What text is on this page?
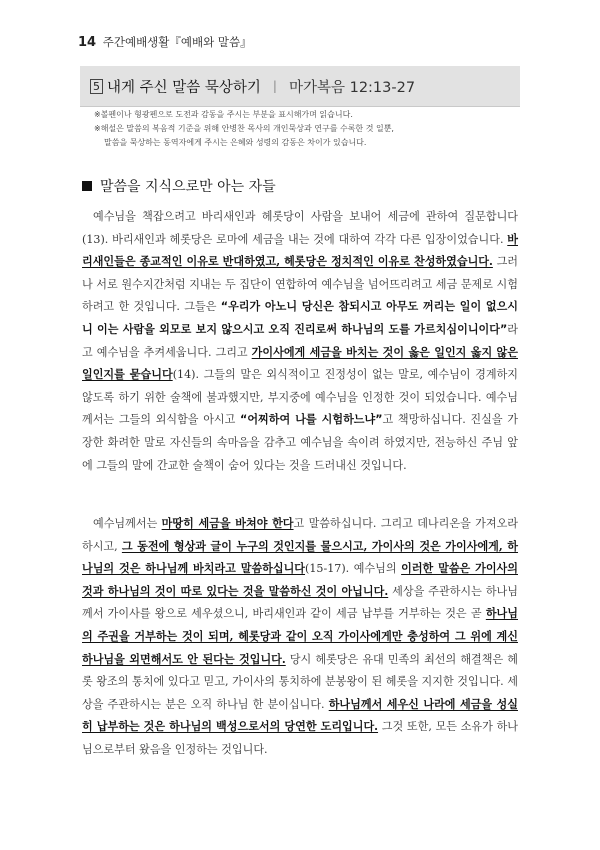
14 주간예배생활『예배와 말씀』
5 내게 주신 말씀 묵상하기 | 마가복음 12:13-27
※볼펜이나 형광펜으로 도전과 감동을 주시는 부분을 표시해가며 읽습니다.
※해설은 말씀의 복음적 기준을 위해 안병찬 목사의 개인묵상과 연구를 수록한 것 일뿐,
말씀을 묵상하는 동역자에게 주시는 은혜와 성령의 감동은 차이가 있습니다.
말씀을 지식으로만 아는 자들
예수님을 책잡으려고 바리새인과 헤롯당이 사람을 보내어 세금에 관하여 질문합니다(13). 바리새인과 헤롯당은 로마에 세금을 내는 것에 대하여 각각 다른 입장이었습니다. 바리새인들은 종교적인 이유로 반대하였고, 헤롯당은 정치적인 이유로 찬성하였습니다. 그러나 서로 원수지간처럼 지내는 두 집단이 연합하여 예수님을 넘어뜨리려고 세금 문제로 시험하려고 한 것입니다. 그들은 “우리가 아노니 당신은 참되시고 아무도 꺼리는 일이 없으시니 이는 사람을 외모로 보지 않으시고 오직 진리로써 하나님의 도를 가르치심이니이다”라고 예수님을 추켜세웁니다. 그리고 가이사에게 세금을 바치는 것이 옳은 일인지 옳지 않은 일인지를 묻습니다(14). 그들의 말은 외식적이고 진정성이 없는 말로, 예수님이 경계하지 않도록 하기 위한 술책에 불과했지만, 부지중에 예수님을 인정한 것이 되었습니다. 예수님께서는 그들의 외식함을 아시고 “어찌하여 나를 시험하느냐”고 책망하십니다. 진실을 가장한 화려한 말로 자신들의 속마음을 감추고 예수님을 속이려 하였지만, 전능하신 주님 앞에 그들의 말에 간교한 술책이 숨어 있다는 것을 드러내신 것입니다.
예수님께서는 마땅히 세금을 바쳐야 한다고 말씀하십니다. 그리고 데나리온을 가져오라 하시고, 그 동전에 형상과 글이 누구의 것인지를 물으시고, 가이사의 것은 가이사에게, 하나님의 것은 하나님께 바치라고 말씀하십니다(15-17). 예수님의 이러한 말씀은 가이사의 것과 하나님의 것이 따로 있다는 것을 말씀하신 것이 아닙니다. 세상을 주관하시는 하나님께서 가이사를 왕으로 세우셨으니, 바리새인과 같이 세금 납부를 거부하는 것은 곧 하나님의 주권을 거부하는 것이 되며, 헤롯당과 같이 오직 가이사에게만 충성하여 그 위에 계신 하나님을 외면해서도 안 된다는 것입니다. 당시 헤롯당은 유대 민족의 최선의 해결책은 헤롯 왕조의 통치에 있다고 믿고, 가이사의 통치하에 분봉왕이 된 헤롯을 지지한 것입니다. 세상을 주관하시는 분은 오직 하나님 한 분이십니다. 하나님께서 세우신 나라에 세금을 성실히 납부하는 것은 하나님의 백성으로서의 당연한 도리입니다. 그것 또한, 모든 소유가 하나님으로부터 왔음을 인정하는 것입니다.
